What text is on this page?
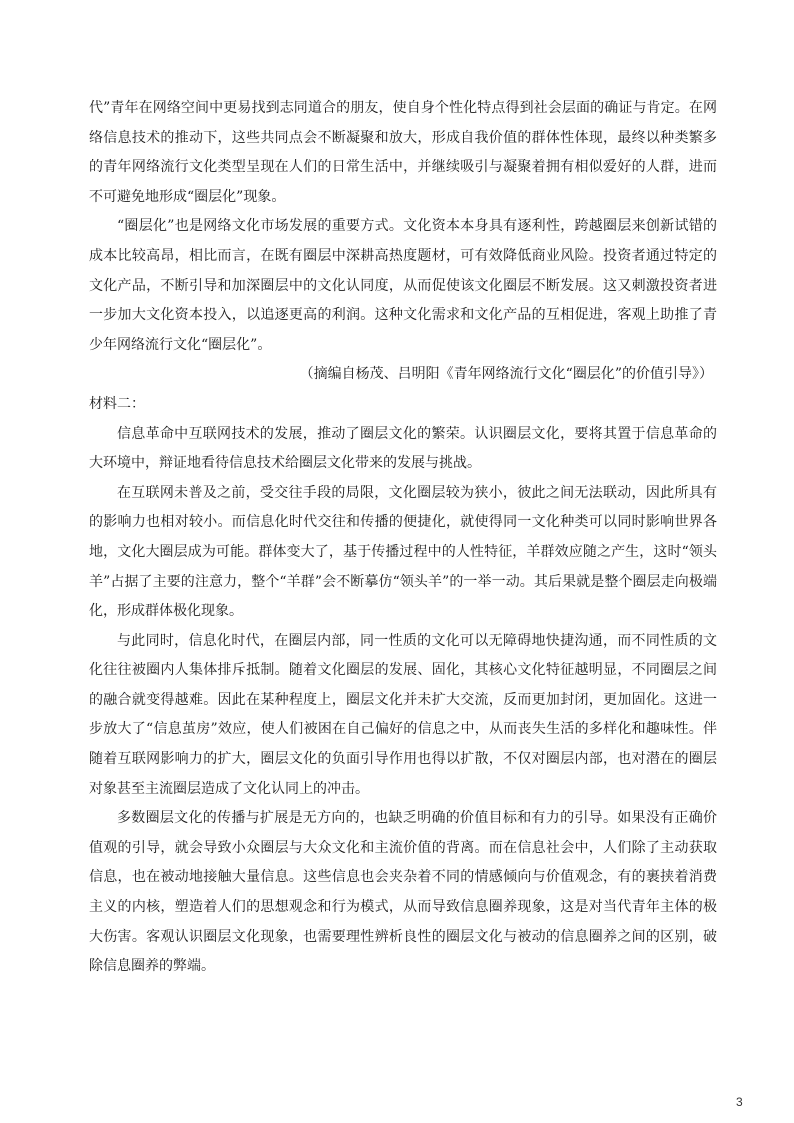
代”青年在网络空间中更易找到志同道合的朋友，使自身个性化特点得到社会层面的确证与肯定。在网络信息技术的推动下，这些共同点会不断凝聚和放大，形成自我价值的群体性体现，最终以种类繁多的青年网络流行文化类型呈现在人们的日常生活中，并继续吸引与凝聚着拥有相似爱好的人群，进而不可避免地形成“圈层化”现象。

“圈层化”也是网络文化市场发展的重要方式。文化资本本身具有逐利性，跨越圈层来创新试错的成本比较高昂，相比而言，在既有圈层中深耕高热度题材，可有效降低商业风险。投资者通过特定的文化产品，不断引导和加深圈层中的文化认同度，从而促使该文化圈层不断发展。这又刺激投资者进一步加大文化资本投入，以追逐更高的利润。这种文化需求和文化产品的互相促进，客观上助推了青少年网络流行文化“圈层化”。

（摘编自杨茂、吕明阳《青年网络流行文化“圈层化”的价值引导》）

材料二：

信息革命中互联网技术的发展，推动了圈层文化的繁荣。认识圈层文化，要将其置于信息革命的大环境中，辩证地看待信息技术给圈层文化带来的发展与挑战。

在互联网未普及之前，受交往手段的局限，文化圈层较为狭小，彼此之间无法联动，因此所具有的影响力也相对较小。而信息化时代交往和传播的便捷化，就使得同一文化种类可以同时影响世界各地，文化大圈层成为可能。群体变大了，基于传播过程中的人性特征，羊群效应随之产生，这时“领头羊”占据了主要的注意力，整个“羊群”会不断摹仿“领头羊”的一举一动。其后果就是整个圈层走向极端化，形成群体极化现象。

与此同时，信息化时代，在圈层内部，同一性质的文化可以无障碍地快捷沟通，而不同性质的文化往往被圈内人集体排斥抵制。随着文化圈层的发展、固化，其核心文化特征越明显，不同圈层之间的融合就变得越难。因此在某种程度上，圈层文化并未扩大交流，反而更加封闭，更加固化。这进一步放大了“信息茧房”效应，使人们被困在自己偏好的信息之中，从而丧失生活的多样化和趣味性。伴随着互联网影响力的扩大，圈层文化的负面引导作用也得以扩散，不仅对圈层内部，也对潜在的圈层对象甚至主流圈层造成了文化认同上的冲击。

多数圈层文化的传播与扩展是无方向的，也缺乏明确的价值目标和有力的引导。如果没有正确价值观的引导，就会导致小众圈层与大众文化和主流价值的背离。而在信息社会中，人们除了主动获取信息，也在被动地接触大量信息。这些信息也会夹杂着不同的情感倾向与价值观念，有的裹挟着消费主义的内核，塑造着人们的思想观念和行为模式，从而导致信息圈养现象，这是对当代青年主体的极大伤害。客观认识圈层文化现象，也需要理性辨析良性的圈层文化与被动的信息圈养之间的区别，破除信息圈养的弊端。

3
